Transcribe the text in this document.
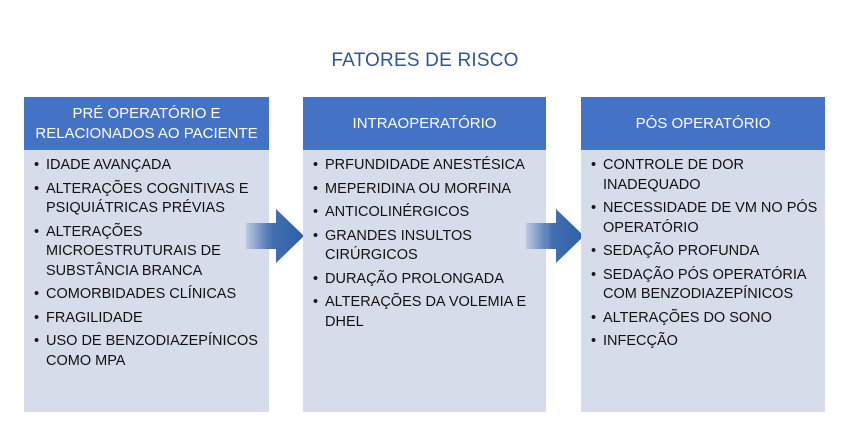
FATORES DE RISCO
PRÉ OPERATÓRIO E RELACIONADOS AO PACIENTE
• IDADE AVANÇADA
• ALTERAÇÕES COGNITIVAS E PSIQUIÁTRICAS PRÉVIAS
• ALTERAÇÕES MICROESTRUTURAIS DE SUBSTÂNCIA BRANCA
• COMORBIDADES CLÍNICAS
• FRAGILIDADE
• USO DE BENZODIAZEPÍNICOS COMO MPA
INTRAOPERATÓRIO
• PRFUNDIDADE ANESTÉSICA
• MEPERIDINA OU MORFINA
• ANTICOLINÉRGICOS
• GRANDES INSULTOS CIRÚRGICOS
• DURAÇÃO PROLONGADA
• ALTERAÇÕES DA VOLEMIA E DHEL
PÓS OPERATÓRIO
• CONTROLE DE DOR INADEQUADO
• NECESSIDADE DE VM NO PÓS OPERATÓRIO
• SEDAÇÃO PROFUNDA
• SEDAÇÃO PÓS OPERATÓRIA COM BENZODIAZEPÍNICOS
• ALTERAÇÕES DO SONO
• INFECÇÃO
